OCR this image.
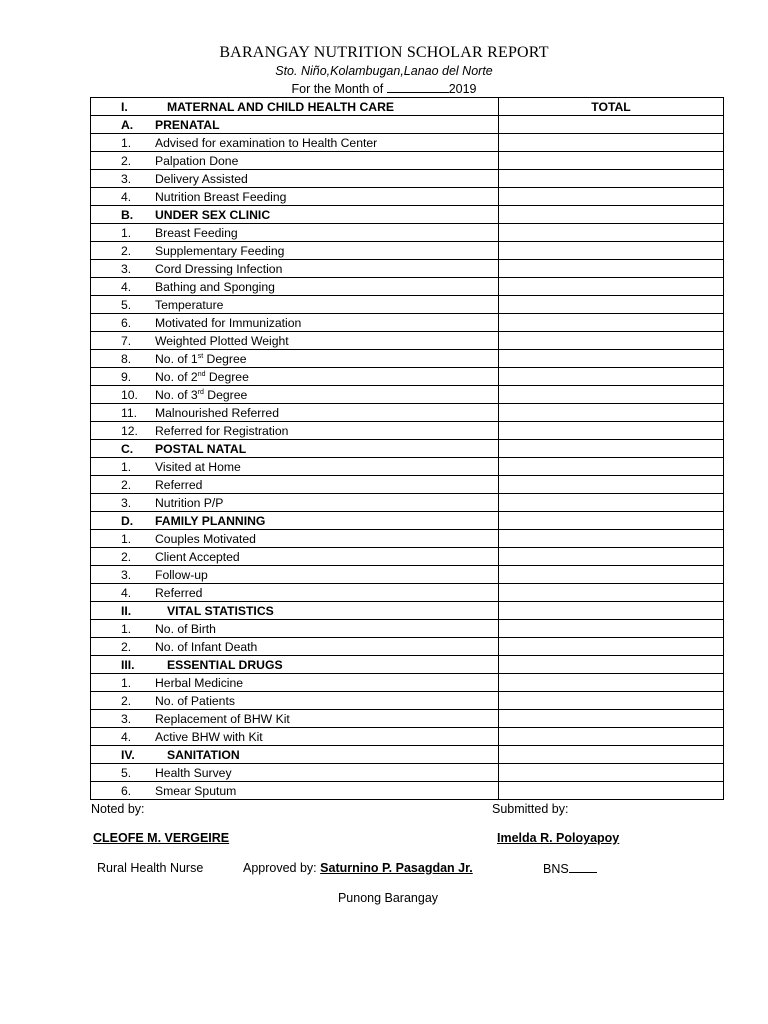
BARANGAY NUTRITION SCHOLAR REPORT
Sto. Niño,Kolambugan,Lanao del Norte
For the Month of	2019
I. MATERNAL AND CHILD HEALTH CARE	TOTAL
A. PRENATAL	
1. Advised for examination to Health Center	
2. Palpation Done	
3. Delivery Assisted	
4. Nutrition Breast Feeding	
B. UNDER SEX CLINIC	
1. Breast Feeding	
2. Supplementary Feeding	
3. Cord Dressing Infection	
4. Bathing and Sponging	
5. Temperature	
6. Motivated for Immunization	
7. Weighted Plotted Weight	
8. No. of 1st Degree	
9. No. of 2nd Degree	
10. No. of 3rd Degree	
11. Malnourished Referred	
12. Referred for Registration	
C. POSTAL NATAL	
1. Visited at Home	
2. Referred	
3. Nutrition P/P	
D. FAMILY PLANNING	
1. Couples Motivated	
2. Client Accepted	
3. Follow-up	
4. Referred	
II. VITAL STATISTICS	
1. No. of Birth	
2. No. of Infant Death	
III. ESSENTIAL DRUGS	
1. Herbal Medicine	
2. No. of Patients	
3. Replacement of BHW Kit	
4. Active BHW with Kit	
IV. SANITATION	
5. Health Survey	
6. Smear Sputum	
Noted by:	Submitted by:
CLEOFE M. VERGEIRE	Imelda R. Poloyapoy
Rural Health Nurse	Approved by: Saturnino P. Pasagdan Jr.	BNS
Punong Barangay
